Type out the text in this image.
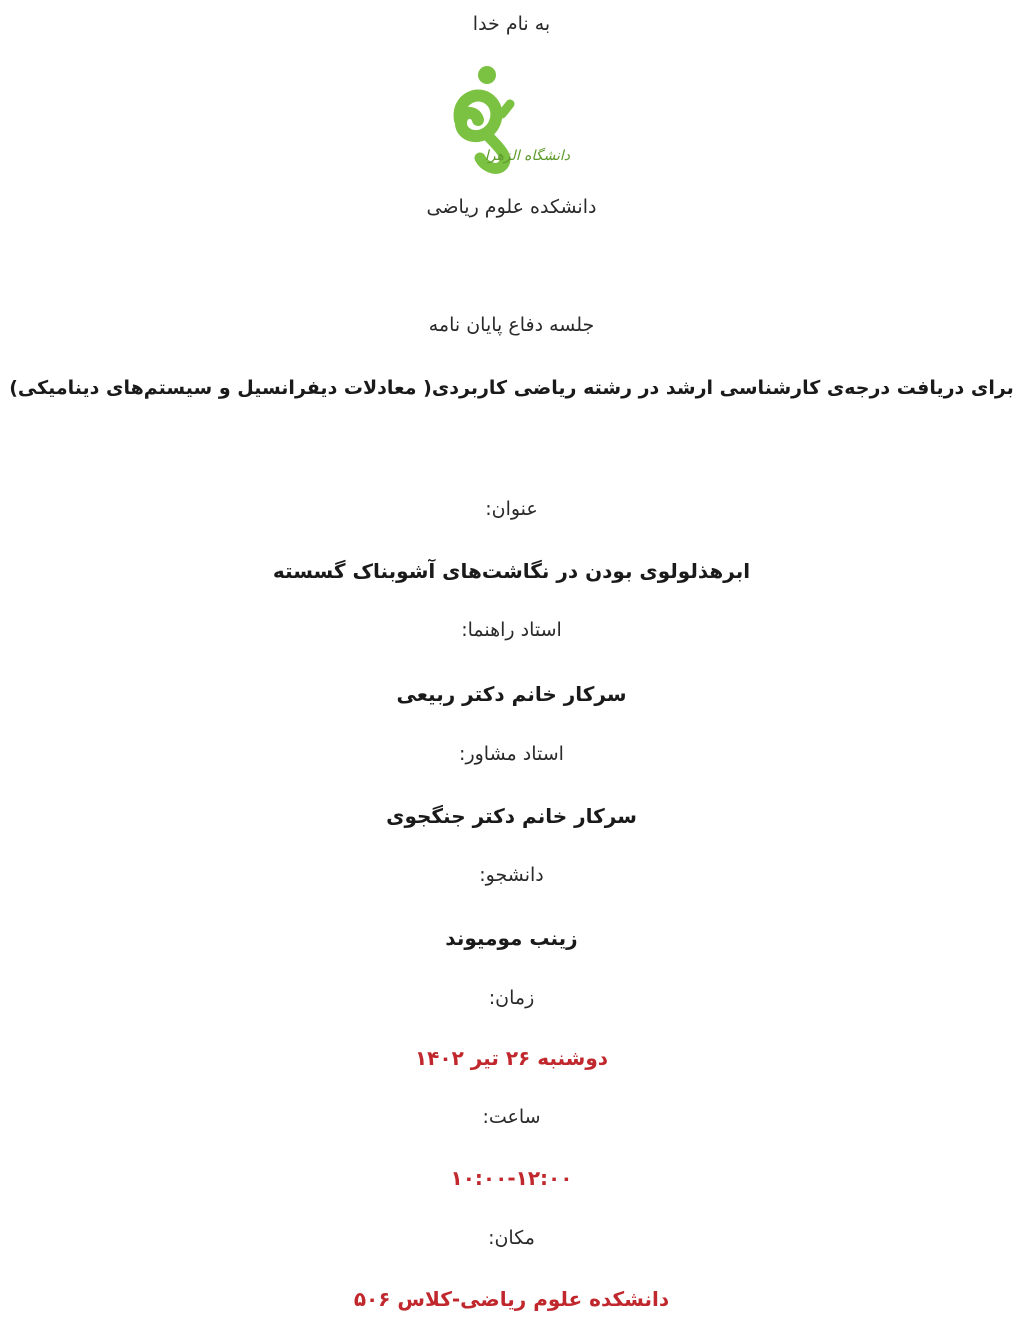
به نام خدا
دانشگاه الزهرا
دانشکده علوم ریاضی
جلسه دفاع پایان نامه
برای دریافت درجه‌ی کارشناسی ارشد در رشته ریاضی کاربردی( معادلات دیفرانسیل و سیستم‌های دینامیکی)
عنوان:
ابرهذلولوی بودن در نگاشت‌های آشوبناک گسسته
استاد راهنما:
سرکار خانم دکتر ربیعی
استاد مشاور:
سرکار خانم دکتر جنگجوی
دانشجو:
زینب مومیوند
زمان:
دوشنبه ۲۶ تیر ۱۴۰۲
ساعت:
۱۰:۰۰-۱۲:۰۰
مکان:
دانشکده علوم ریاضی-کلاس ۵۰۶
